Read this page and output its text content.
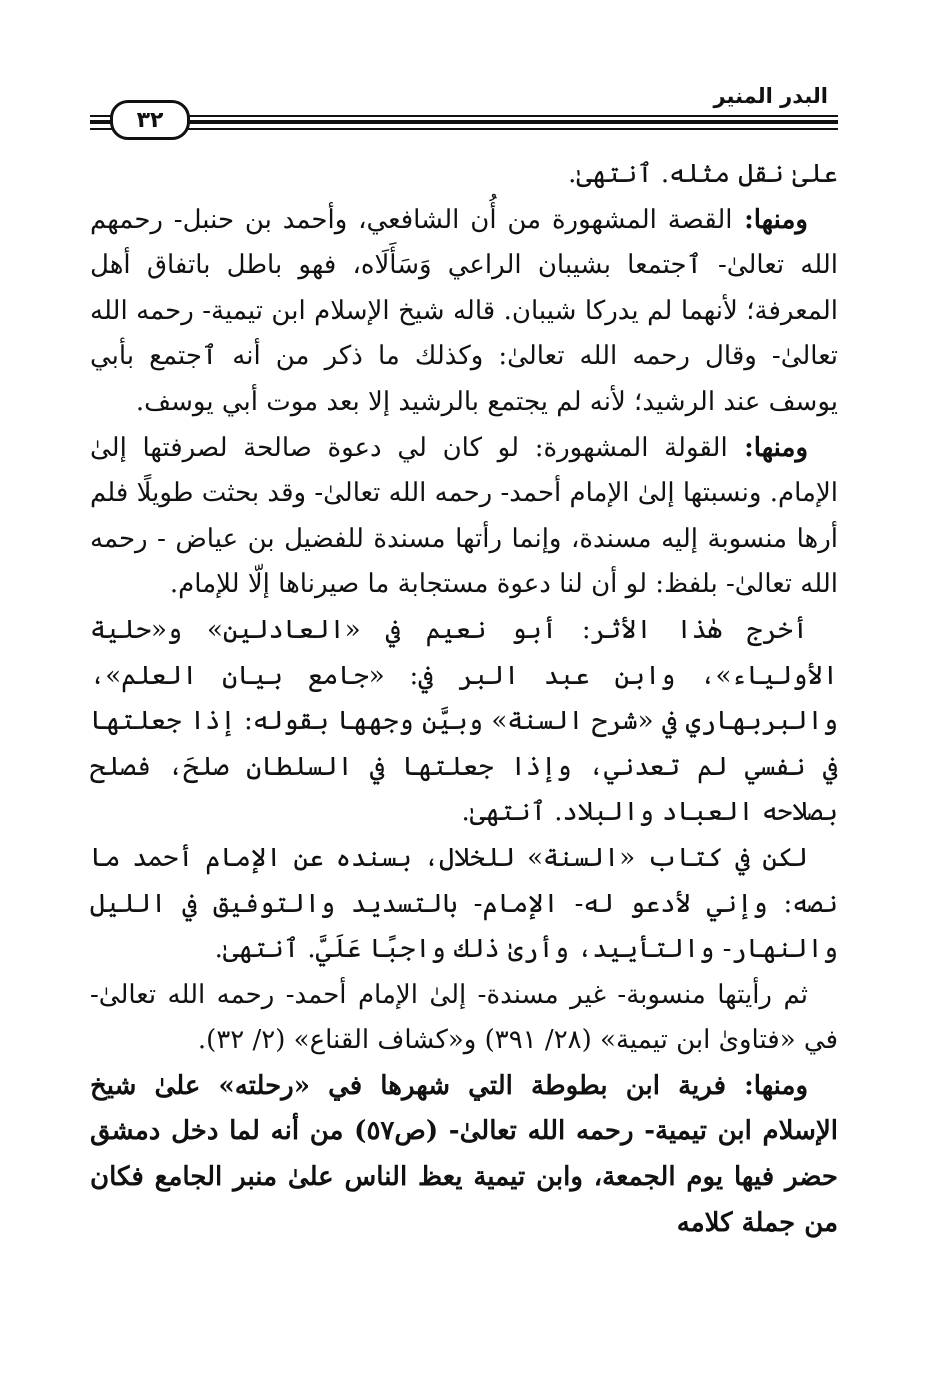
٣٢
البدر المنير

علىٰ نقل مثله. ٱنتهىٰ.

ومنها: القصة المشهورة من أُن الشافعي، وأحمد بن حنبل- رحمهم الله تعالىٰ- ٱجتمعا بشيبان الراعي وَسَأَلَاه، فهو باطل باتفاق أهل المعرفة؛ لأنهما لم يدركا شيبان. قاله شيخ الإسلام ابن تيمية- رحمه الله تعالىٰ- وقال رحمه الله تعالىٰ: وكذلك ما ذكر من أنه ٱجتمع بأبي يوسف عند الرشيد؛ لأنه لم يجتمع بالرشيد إلا بعد موت أبي يوسف.

ومنها: القولة المشهورة: لو كان لي دعوة صالحة لصرفتها إلىٰ الإمام. ونسبتها إلىٰ الإمام أحمد- رحمه الله تعالىٰ- وقد بحثت طويلًا فلم أرها منسوبة إليه مسندة، وإنما رأتها مسندة للفضيل بن عياض - رحمه الله تعالىٰ- بلفظ: لو أن لنا دعوة مستجابة ما صيرناها إلّا للإمام.

أخرج هٰذا الأثر: أبو نعيم في «العادلين» و«حلية الأولياء»، وابن عبد البر في: «جامع بيان العلم»، والبربهاري في «شرح السنة» وبيَّن وجهها بقوله: إذا جعلتها في نفسي لم تعدني، وإذا جعلتها في السلطان صلحَ، فصلح بصلاحه العباد والبلاد. ٱنتهىٰ.

لكن في كتاب «السنة» للخلال، بسنده عن الإمام أحمد ما نصه: وإني لأدعو له- الإمام- بالتسديد والتوفيق في الليل والنهار- والتأييد، وأرىٰ ذلك واجبًا عَلَيَّ. ٱنتهىٰ.

ثم رأيتها منسوبة- غير مسندة- إلىٰ الإمام أحمد- رحمه الله تعالىٰ- في «فتاوىٰ ابن تيمية» (٢٨/ ٣٩١) و«كشاف القناع» (٢/ ٣٢).

ومنها: فرية ابن بطوطة التي شهرها في «رحلته» علىٰ شيخ الإسلام ابن تيمية- رحمه الله تعالىٰ- (ص٥٧) من أنه لما دخل دمشق حضر فيها يوم الجمعة، وابن تيمية يعظ الناس علىٰ منبر الجامع فكان من جملة كلامه
